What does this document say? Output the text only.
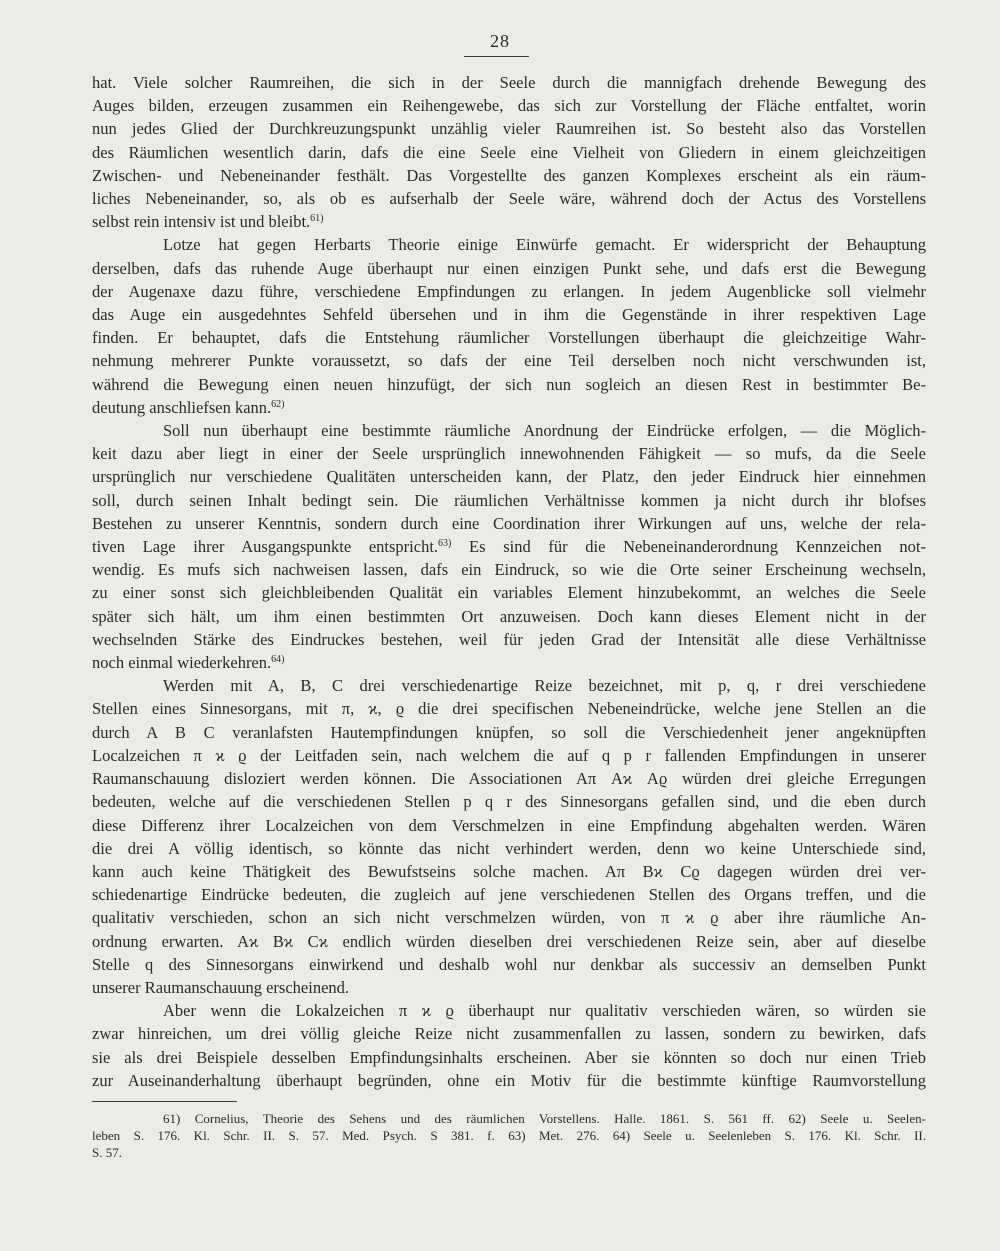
28

hat. Viele solcher Raumreihen, die sich in der Seele durch die mannigfach drehende Bewegung des
Auges bilden, erzeugen zusammen ein Reihengewebe, das sich zur Vorstellung der Fläche entfaltet, worin
nun jedes Glied der Durchkreuzungspunkt unzählig vieler Raumreihen ist. So besteht also das Vorstellen
des Räumlichen wesentlich darin, dafs die eine Seele eine Vielheit von Gliedern in einem gleichzeitigen
Zwischen- und Nebeneinander festhält. Das Vorgestellte des ganzen Komplexes erscheint als ein räum-
liches Nebeneinander, so, als ob es aufserhalb der Seele wäre, während doch der Actus des Vorstellens
selbst rein intensiv ist und bleibt.$^{61)}$

Lotze hat gegen Herbarts Theorie einige Einwürfe gemacht. Er widerspricht der Behauptung
derselben, dafs das ruhende Auge überhaupt nur einen einzigen Punkt sehe, und dafs erst die Bewegung
der Augenaxe dazu führe, verschiedene Empfindungen zu erlangen. In jedem Augenblicke soll vielmehr
das Auge ein ausgedehntes Sehfeld übersehen und in ihm die Gegenstände in ihrer respektiven Lage
finden. Er behauptet, dafs die Entstehung räumlicher Vorstellungen überhaupt die gleichzeitige Wahr-
nehmung mehrerer Punkte voraussetzt, so dafs der eine Teil derselben noch nicht verschwunden ist,
während die Bewegung einen neuen hinzufügt, der sich nun sogleich an diesen Rest in bestimmter Be-
deutung anschliefsen kann.$^{62)}$

Soll nun überhaupt eine bestimmte räumliche Anordnung der Eindrücke erfolgen, — die Möglich-
keit dazu aber liegt in einer der Seele ursprünglich innewohnenden Fähigkeit — so mufs, da die Seele
ursprünglich nur verschiedene Qualitäten unterscheiden kann, der Platz, den jeder Eindruck hier einnehmen
soll, durch seinen Inhalt bedingt sein. Die räumlichen Verhältnisse kommen ja nicht durch ihr blofses
Bestehen zu unserer Kenntnis, sondern durch eine Coordination ihrer Wirkungen auf uns, welche der rela-
tiven Lage ihrer Ausgangspunkte entspricht.$^{63)}$ Es sind für die Nebeneinanderordnung Kennzeichen not-
wendig. Es mufs sich nachweisen lassen, dafs ein Eindruck, so wie die Orte seiner Erscheinung wechseln,
zu einer sonst sich gleichbleibenden Qualität ein variables Element hinzubekommt, an welches die Seele
später sich hält, um ihm einen bestimmten Ort anzuweisen. Doch kann dieses Element nicht in der
wechselnden Stärke des Eindruckes bestehen, weil für jeden Grad der Intensität alle diese Verhältnisse
noch einmal wiederkehren.$^{64)}$

Werden mit A, B, C drei verschiedenartige Reize bezeichnet, mit p, q, r drei verschiedene
Stellen eines Sinnesorgans, mit π, ϰ, ϱ die drei specifischen Nebeneindrücke, welche jene Stellen an die
durch A B C veranlafsten Hautempfindungen knüpfen, so soll die Verschiedenheit jener angeknüpften
Localzeichen π ϰ ϱ der Leitfaden sein, nach welchem die auf q p r fallenden Empfindungen in unserer
Raumanschauung disloziert werden können. Die Associationen Aπ Aϰ Aϱ würden drei gleiche Erregungen
bedeuten, welche auf die verschiedenen Stellen p q r des Sinnesorgans gefallen sind, und die eben durch
diese Differenz ihrer Localzeichen von dem Verschmelzen in eine Empfindung abgehalten werden. Wären
die drei A völlig identisch, so könnte das nicht verhindert werden, denn wo keine Unterschiede sind,
kann auch keine Thätigkeit des Bewufstseins solche machen. Aπ Bϰ Cϱ dagegen würden drei ver-
schiedenartige Eindrücke bedeuten, die zugleich auf jene verschiedenen Stellen des Organs treffen, und die
qualitativ verschieden, schon an sich nicht verschmelzen würden, von π ϰ ϱ aber ihre räumliche An-
ordnung erwarten. Aϰ Bϰ Cϰ endlich würden dieselben drei verschiedenen Reize sein, aber auf dieselbe
Stelle q des Sinnesorgans einwirkend und deshalb wohl nur denkbar als successiv an demselben Punkt
unserer Raumanschauung erscheinend.

Aber wenn die Lokalzeichen π ϰ ϱ überhaupt nur qualitativ verschieden wären, so würden sie
zwar hinreichen, um drei völlig gleiche Reize nicht zusammenfallen zu lassen, sondern zu bewirken, dafs
sie als drei Beispiele desselben Empfindungsinhalts erscheinen. Aber sie könnten so doch nur einen Trieb
zur Auseinanderhaltung überhaupt begründen, ohne ein Motiv für die bestimmte künftige Raumvorstellung

61) Cornelius, Theorie des Sehens und des räumlichen Vorstellens. Halle. 1861. S. 561 ff. 62) Seele u. Seelen-
leben S. 176. Kl. Schr. II. S. 57. Med. Psych. S 381. f. 63) Met. 276. 64) Seele u. Seelenleben S. 176. Kl. Schr. II.
S. 57.
